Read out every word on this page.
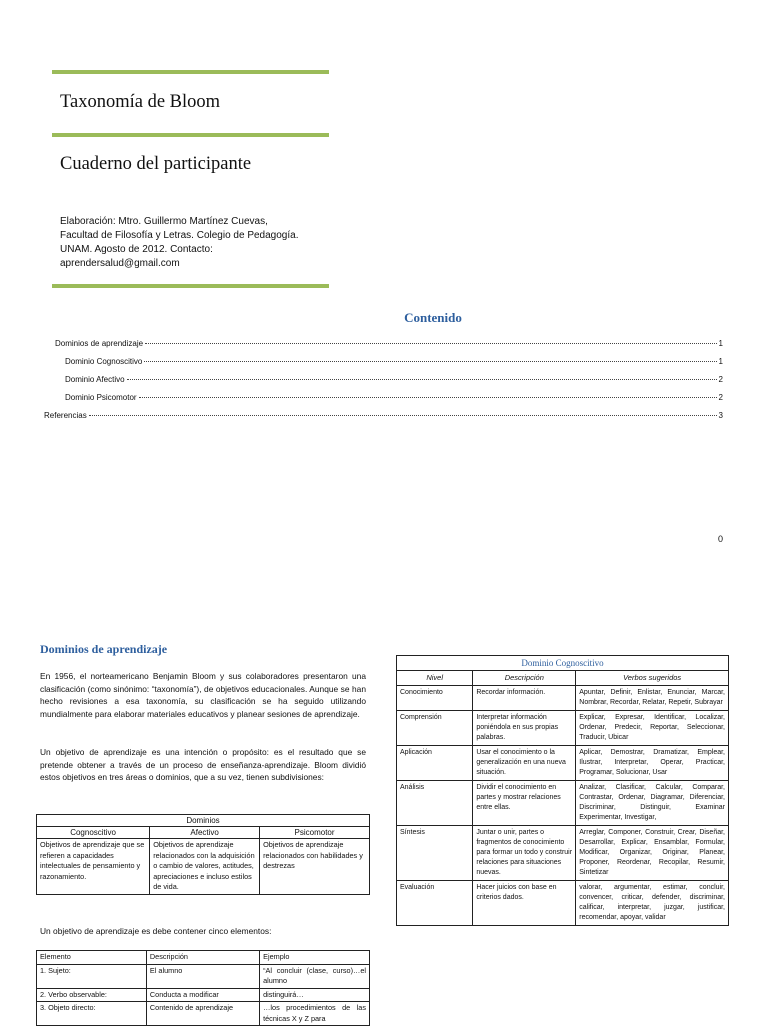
Taxonomía de Bloom
Cuaderno del participante
Elaboración: Mtro. Guillermo Martínez Cuevas,
Facultad de Filosofía y Letras. Colegio de Pedagogía.
UNAM. Agosto de 2012. Contacto:
aprendersalud@gmail.com
Contenido
Dominios de aprendizaje	1
Dominio Cognoscitivo	1
Dominio Afectivo	2
Dominio Psicomotor	2
Referencias	3
0
Dominios de aprendizaje
En 1956, el norteamericano Benjamin Bloom y sus colaboradores presentaron una clasificación (como sinónimo: “taxonomía”), de objetivos educacionales. Aunque se han hecho revisiones a esa taxonomía, su clasificación se ha seguido utilizando mundialmente para elaborar materiales educativos y planear sesiones de aprendizaje.
Un objetivo de aprendizaje es una intención o propósito: es el resultado que se pretende obtener a través de un proceso de enseñanza-aprendizaje. Bloom dividió estos objetivos en tres áreas o dominios, que a su vez, tienen subdivisiones:
Dominios		
Cognoscitivo	Afectivo	Psicomotor
Objetivos de aprendizaje que se refieren a capacidades intelectuales de pensamiento y razonamiento.	Objetivos de aprendizaje relacionados con la adquisición o cambio de valores, actitudes, apreciaciones e incluso estilos de vida.	Objetivos de aprendizaje relacionados con habilidades y destrezas
Un objetivo de aprendizaje es debe contener cinco elementos:
Elemento	Descripción	Ejemplo
1. Sujeto:	El alumno	“Al concluir (clase, curso)…el alumno
2. Verbo observable:	Conducta a modificar	distinguirá…
3. Objeto directo:	Contenido de aprendizaje	…los procedimientos de las técnicas X y Z para
Dominio Cognoscitivo		
Nivel	Descripción	Verbos sugeridos
Conocimiento	Recordar información.	Apuntar, Definir, Enlistar, Enunciar, Marcar, Nombrar, Recordar, Relatar, Repetir, Subrayar
Comprensión	Interpretar información poniéndola en sus propias palabras.	Explicar, Expresar, Identificar, Localizar, Ordenar, Predecir, Reportar, Seleccionar, Traducir, Ubicar
Aplicación	Usar el conocimiento o la generalización en una nueva situación.	Aplicar, Demostrar, Dramatizar, Emplear, Ilustrar, Interpretar, Operar, Practicar, Programar, Solucionar, Usar
Análisis	Dividir el conocimiento en partes y mostrar relaciones entre ellas.	Analizar, Clasificar, Calcular, Comparar, Contrastar, Ordenar, Diagramar, Diferenciar, Discriminar, Distinguir, Examinar Experimentar, Investigar,
Síntesis	Juntar o unir, partes o fragmentos de conocimiento para formar un todo y construir relaciones para situaciones nuevas.	Arreglar, Componer, Construir, Crear, Diseñar, Desarrollar, Explicar, Ensamblar, Formular, Modificar, Organizar, Originar, Planear, Proponer, Reordenar, Recopilar, Resumir, Sintetizar
Evaluación	Hacer juicios con base en criterios dados.	valorar, argumentar, estimar, concluir, convencer, criticar, defender, discriminar, calificar, interpretar, juzgar, justificar, recomendar, apoyar, validar
